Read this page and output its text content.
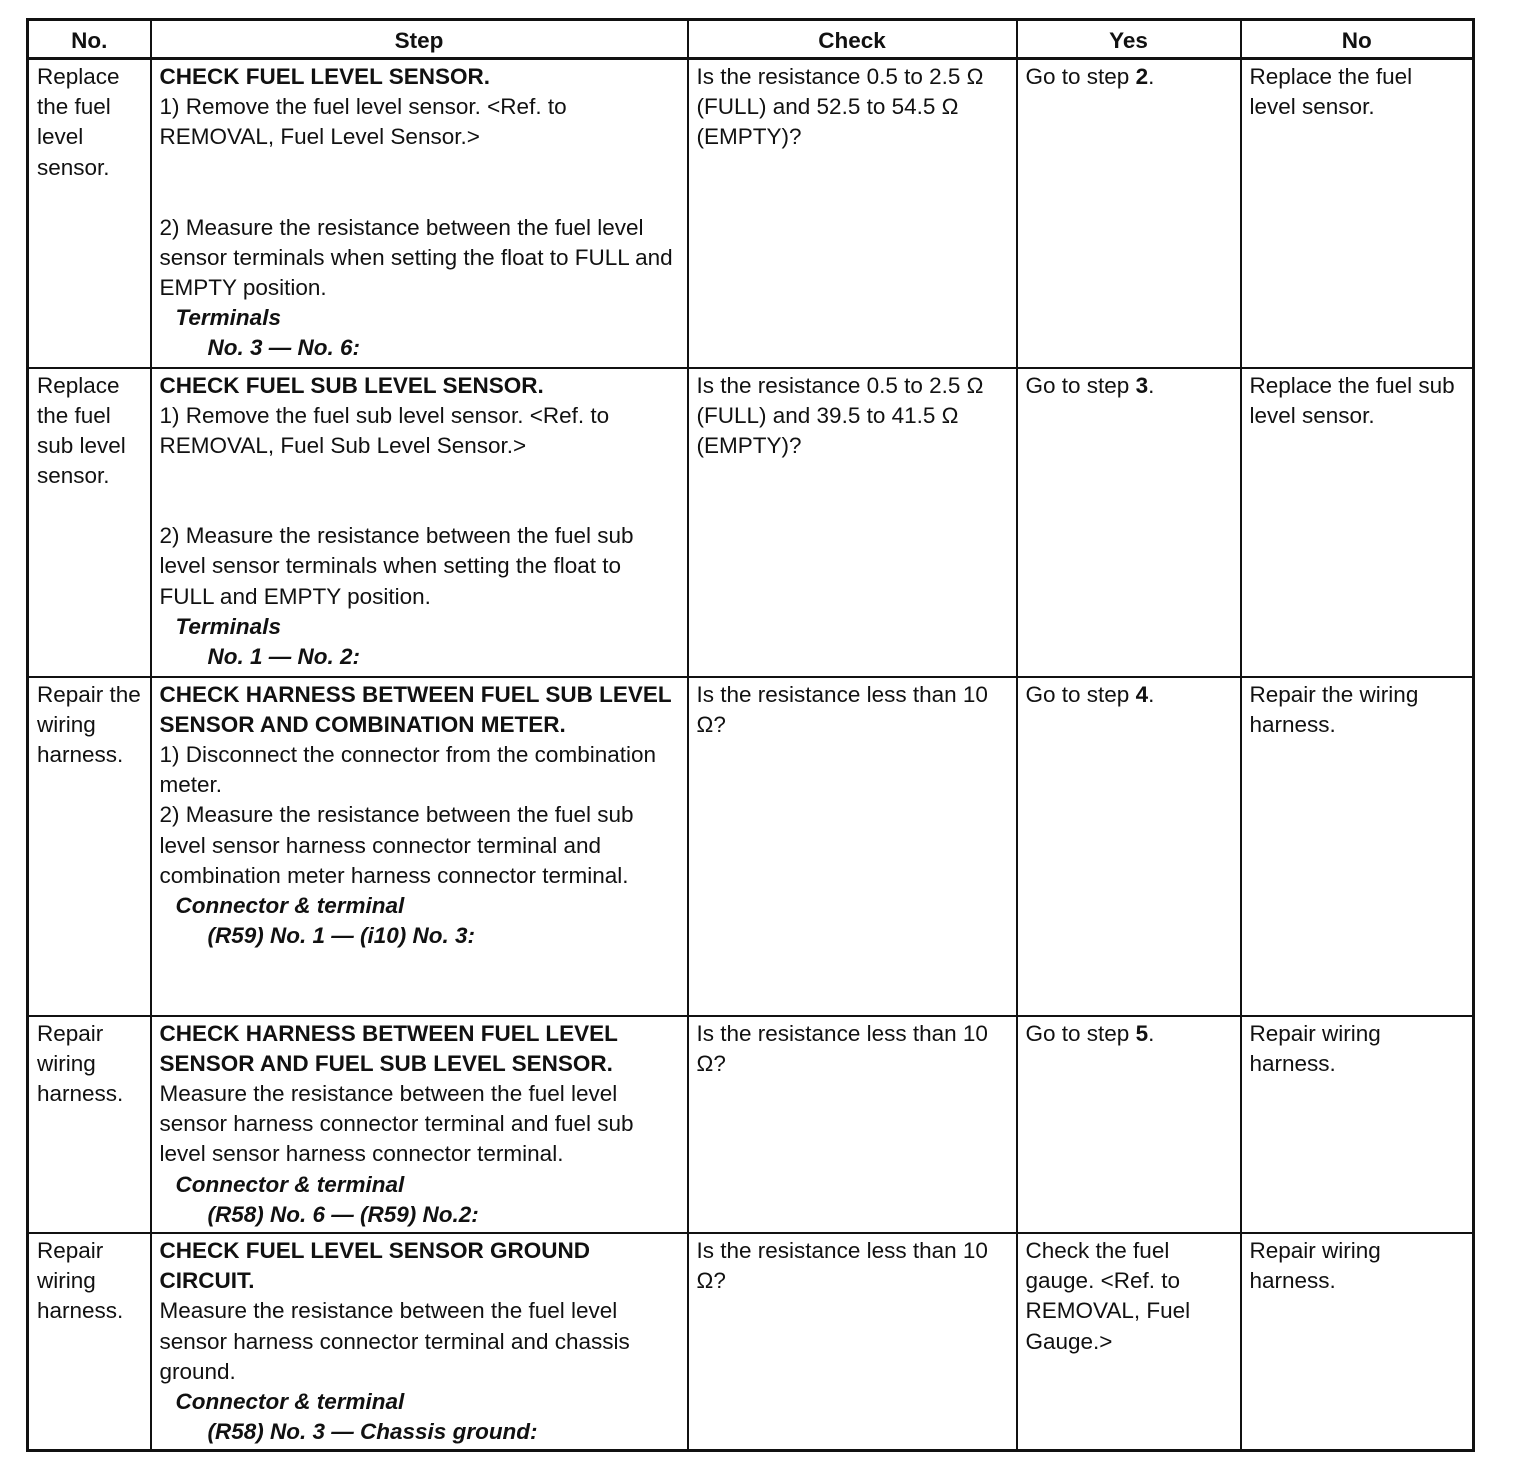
No.	Step	Check	Yes	No
Replace the fuel level sensor.	CHECK FUEL LEVEL SENSOR.
1) Remove the fuel level sensor. <Ref. to REMOVAL, Fuel Level Sensor.>
2) Measure the resistance between the fuel level sensor terminals when setting the float to FULL and EMPTY position.
Terminals
No. 3 — No. 6:	Is the resistance 0.5 to 2.5 Ω (FULL) and 52.5 to 54.5 Ω (EMPTY)?	Go to step 2.	Replace the fuel level sensor.
Replace the fuel sub level sensor.	CHECK FUEL SUB LEVEL SENSOR.
1) Remove the fuel sub level sensor. <Ref. to REMOVAL, Fuel Sub Level Sensor.>
2) Measure the resistance between the fuel sub level sensor terminals when setting the float to FULL and EMPTY position.
Terminals
No. 1 — No. 2:	Is the resistance 0.5 to 2.5 Ω (FULL) and 39.5 to 41.5 Ω (EMPTY)?	Go to step 3.	Replace the fuel sub level sensor.
Repair the wiring harness.	CHECK HARNESS BETWEEN FUEL SUB LEVEL SENSOR AND COMBINATION METER.
1) Disconnect the connector from the combination meter.
2) Measure the resistance between the fuel sub level sensor harness connector terminal and combination meter harness connector terminal.
Connector & terminal
(R59) No. 1 — (i10) No. 3:	Is the resistance less than 10 Ω?	Go to step 4.	Repair the wiring harness.
Repair wiring harness.	CHECK HARNESS BETWEEN FUEL LEVEL SENSOR AND FUEL SUB LEVEL SENSOR.
Measure the resistance between the fuel level sensor harness connector terminal and fuel sub level sensor harness connector terminal.
Connector & terminal
(R58) No. 6 — (R59) No.2:	Is the resistance less than 10 Ω?	Go to step 5.	Repair wiring harness.
Repair wiring harness.	CHECK FUEL LEVEL SENSOR GROUND CIRCUIT.
Measure the resistance between the fuel level sensor harness connector terminal and chassis ground.
Connector & terminal
(R58) No. 3 — Chassis ground:	Is the resistance less than 10 Ω?	Check the fuel gauge. <Ref. to REMOVAL, Fuel Gauge.>	Repair wiring harness.
